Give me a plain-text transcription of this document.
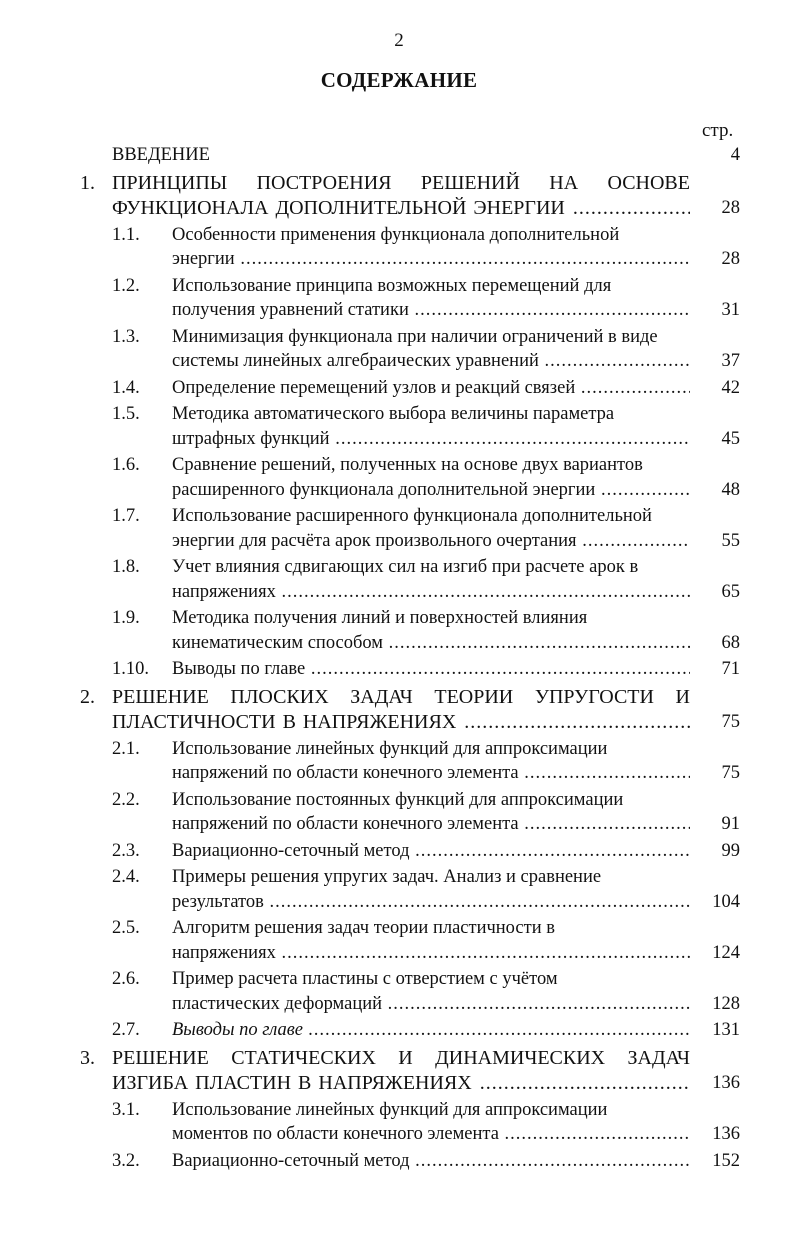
2
СОДЕРЖАНИЕ
стр.
ВВЕДЕНИЕ	4
1. ПРИНЦИПЫ ПОСТРОЕНИЯ РЕШЕНИЙ НА ОСНОВЕ
ФУНКЦИОНАЛА ДОПОЛНИТЕЛЬНОЙ ЭНЕРГИИ .....	28
1.1. Особенности применения функционала дополнительной
энергии .....	28
1.2. Использование принципа возможных перемещений для
получения уравнений статики .....	31
1.3. Минимизация функционала при наличии ограничений в виде
системы линейных алгебраических уравнений .....	37
1.4. Определение перемещений узлов и реакций связей .....	42
1.5. Методика автоматического выбора величины параметра
штрафных функций .....	45
1.6. Сравнение решений, полученных на основе двух вариантов
расширенного функционала дополнительной энергии .....	48
1.7. Использование расширенного функционала дополнительной
энергии для расчёта арок произвольного очертания .....	55
1.8. Учет влияния сдвигающих сил на изгиб при расчете арок в
напряжениях .....	65
1.9. Методика получения линий и поверхностей влияния
кинематическим способом .....	68
1.10. Выводы по главе .....	71
2. РЕШЕНИЕ ПЛОСКИХ ЗАДАЧ ТЕОРИИ УПРУГОСТИ И
ПЛАСТИЧНОСТИ В НАПРЯЖЕНИЯХ .....	75
2.1. Использование линейных функций для аппроксимации
напряжений по области конечного элемента .....	75
2.2. Использование постоянных функций для аппроксимации
напряжений по области конечного элемента .....	91
2.3. Вариационно-сеточный метод .....	99
2.4. Примеры решения упругих задач. Анализ и сравнение
результатов .....	104
2.5. Алгоритм решения задач теории пластичности в
напряжениях .....	124
2.6. Пример расчета пластины с отверстием с учётом
пластических деформаций .....	128
2.7. Выводы по главе .....	131
3. РЕШЕНИЕ СТАТИЧЕСКИХ И ДИНАМИЧЕСКИХ ЗАДАЧ
ИЗГИБА ПЛАСТИН В НАПРЯЖЕНИЯХ .....	136
3.1. Использование линейных функций для аппроксимации
моментов по области конечного элемента .....	136
3.2. Вариационно-сеточный метод .....	152
